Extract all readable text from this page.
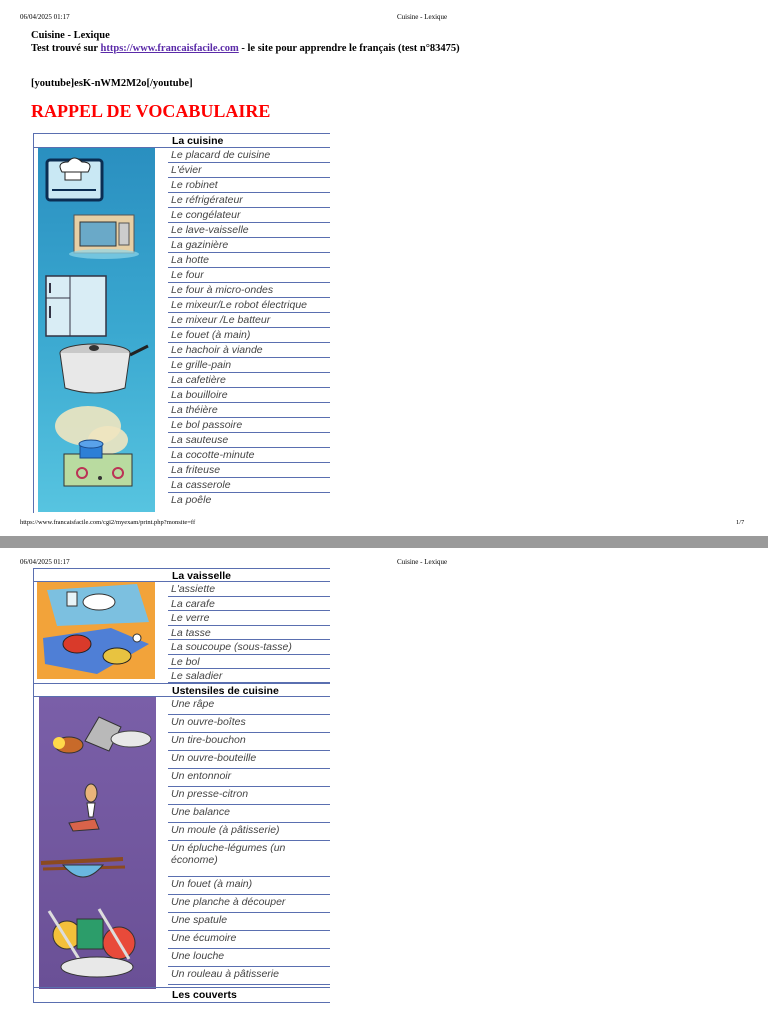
06/04/2025 01:17	Cuisine - Lexique
Cuisine - Lexique
Test trouvé sur https://www.francaisfacile.com - le site pour apprendre le français (test n°83475)
[youtube]esK-nWM2M2o[/youtube]
RAPPEL DE VOCABULAIRE
La cuisine
Le placard de cuisine
L'évier
Le robinet
Le réfrigérateur
Le congélateur
Le lave-vaisselle
La gazinière
La hotte
Le four
Le four à micro-ondes
Le mixeur/Le robot électrique
Le mixeur /Le batteur
Le fouet (à main)
Le hachoir à viande
Le grille-pain
La cafetière
La bouilloire
La théière
Le bol passoire
La sauteuse
La cocotte-minute
La friteuse
La casserole
La poêle
https://www.francaisfacile.com/cgi2/myexam/print.php?monsite=ff	1/7
06/04/2025 01:17	Cuisine - Lexique
La vaisselle
L'assiette
La carafe
Le verre
La tasse
La soucoupe (sous-tasse)
Le bol
Le saladier
Ustensiles de cuisine
Une râpe
Un ouvre-boîtes
Un tire-bouchon
Un ouvre-bouteille
Un entonnoir
Un presse-citron
Une balance
Un moule (à pâtisserie)
Un épluche-légumes (un économe)
Un fouet (à main)
Une planche à découper
Une spatule
Une écumoire
Une louche
Un rouleau à pâtisserie
Les couverts
